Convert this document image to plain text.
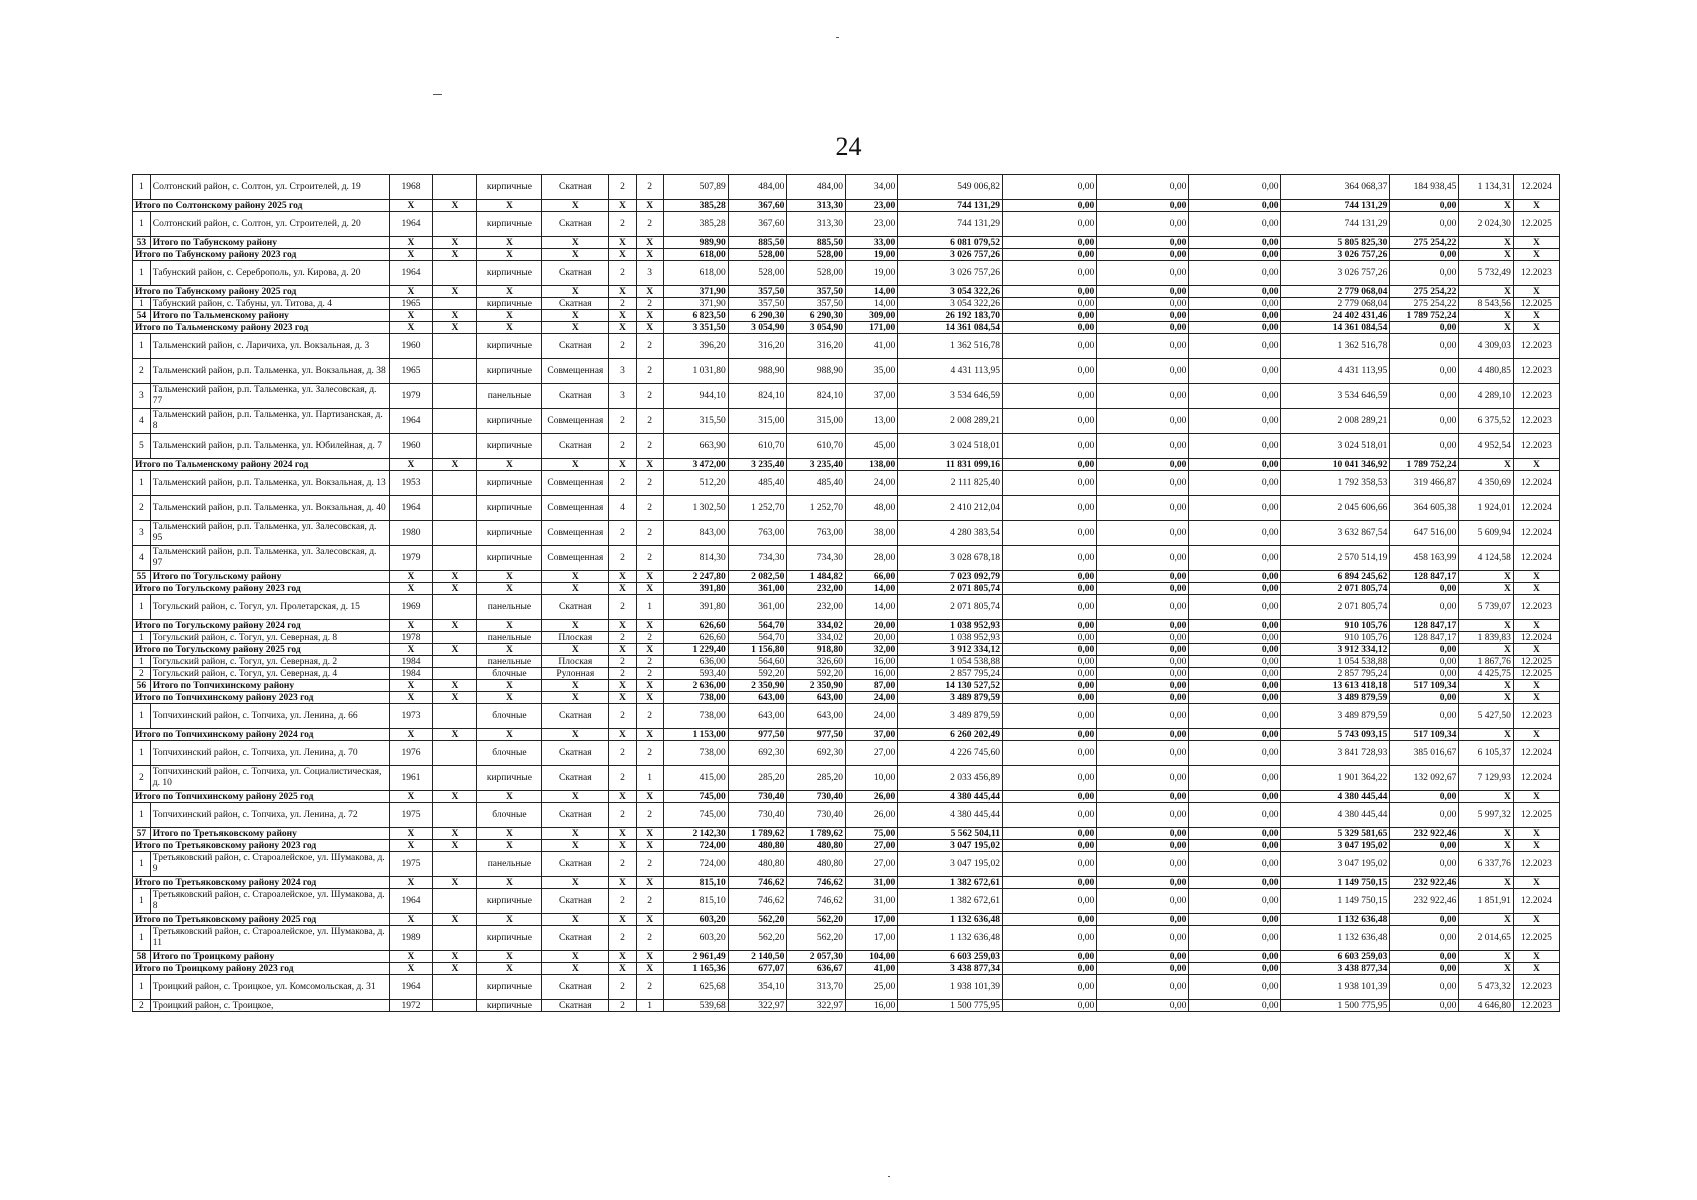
24
1	Солтонский район, с. Солтон, ул. Строителей, д. 19	1968		кирпичные	Скатная	2	2	507,89	484,00	484,00	34,00	549 006,82	0,00	0,00	0,00	364 068,37	184 938,45	1 134,31	12.2024
Итого по Солтонскому району 2025 год		X	X	X	X	X	X	385,28	367,60	313,30	23,00	744 131,29	0,00	0,00	0,00	744 131,29	0,00	X	X
1	Солтонский район, с. Солтон, ул. Строителей, д. 20	1964		кирпичные	Скатная	2	2	385,28	367,60	313,30	23,00	744 131,29	0,00	0,00	0,00	744 131,29	0,00	2 024,30	12.2025
53	Итого по Табунскому району	X	X	X	X	X	X	989,90	885,50	885,50	33,00	6 081 079,52	0,00	0,00	0,00	5 805 825,30	275 254,22	X	X
Итого по Табунскому району 2023 год		X	X	X	X	X	X	618,00	528,00	528,00	19,00	3 026 757,26	0,00	0,00	0,00	3 026 757,26	0,00	X	X
1	Табунский район, с. Сереброполь, ул. Кирова, д. 20	1964		кирпичные	Скатная	2	3	618,00	528,00	528,00	19,00	3 026 757,26	0,00	0,00	0,00	3 026 757,26	0,00	5 732,49	12.2023
Итого по Табунскому району 2025 год		X	X	X	X	X	X	371,90	357,50	357,50	14,00	3 054 322,26	0,00	0,00	0,00	2 779 068,04	275 254,22	X	X
1	Табунский район, с. Табуны, ул. Титова, д. 4	1965		кирпичные	Скатная	2	2	371,90	357,50	357,50	14,00	3 054 322,26	0,00	0,00	0,00	2 779 068,04	275 254,22	8 543,56	12.2025
54	Итого по Тальменскому району	X	X	X	X	X	X	6 823,50	6 290,30	6 290,30	309,00	26 192 183,70	0,00	0,00	0,00	24 402 431,46	1 789 752,24	X	X
Итого по Тальменскому району 2023 год		X	X	X	X	X	X	3 351,50	3 054,90	3 054,90	171,00	14 361 084,54	0,00	0,00	0,00	14 361 084,54	0,00	X	X
1	Тальменский район, с. Ларичиха, ул. Вокзальная, д. 3	1960		кирпичные	Скатная	2	2	396,20	316,20	316,20	41,00	1 362 516,78	0,00	0,00	0,00	1 362 516,78	0,00	4 309,03	12.2023
2	Тальменский район, р.п. Тальменка, ул. Вокзальная, д. 38	1965		кирпичные	Совмещенная	3	2	1 031,80	988,90	988,90	35,00	4 431 113,95	0,00	0,00	0,00	4 431 113,95	0,00	4 480,85	12.2023
3	Тальменский район, р.п. Тальменка, ул. Залесовская, д. 77	1979		панельные	Скатная	3	2	944,10	824,10	824,10	37,00	3 534 646,59	0,00	0,00	0,00	3 534 646,59	0,00	4 289,10	12.2023
4	Тальменский район, р.п. Тальменка, ул. Партизанская, д. 8	1964		кирпичные	Совмещенная	2	2	315,50	315,00	315,00	13,00	2 008 289,21	0,00	0,00	0,00	2 008 289,21	0,00	6 375,52	12.2023
5	Тальменский район, р.п. Тальменка, ул. Юбилейная, д. 7	1960		кирпичные	Скатная	2	2	663,90	610,70	610,70	45,00	3 024 518,01	0,00	0,00	0,00	3 024 518,01	0,00	4 952,54	12.2023
Итого по Тальменскому району 2024 год		X	X	X	X	X	X	3 472,00	3 235,40	3 235,40	138,00	11 831 099,16	0,00	0,00	0,00	10 041 346,92	1 789 752,24	X	X
1	Тальменский район, р.п. Тальменка, ул. Вокзальная, д. 13	1953		кирпичные	Совмещенная	2	2	512,20	485,40	485,40	24,00	2 111 825,40	0,00	0,00	0,00	1 792 358,53	319 466,87	4 350,69	12.2024
2	Тальменский район, р.п. Тальменка, ул. Вокзальная, д. 40	1964		кирпичные	Совмещенная	4	2	1 302,50	1 252,70	1 252,70	48,00	2 410 212,04	0,00	0,00	0,00	2 045 606,66	364 605,38	1 924,01	12.2024
3	Тальменский район, р.п. Тальменка, ул. Залесовская, д. 95	1980		кирпичные	Совмещенная	2	2	843,00	763,00	763,00	38,00	4 280 383,54	0,00	0,00	0,00	3 632 867,54	647 516,00	5 609,94	12.2024
4	Тальменский район, р.п. Тальменка, ул. Залесовская, д. 97	1979		кирпичные	Совмещенная	2	2	814,30	734,30	734,30	28,00	3 028 678,18	0,00	0,00	0,00	2 570 514,19	458 163,99	4 124,58	12.2024
55	Итого по Тогульскому району	X	X	X	X	X	X	2 247,80	2 082,50	1 484,82	66,00	7 023 092,79	0,00	0,00	0,00	6 894 245,62	128 847,17	X	X
Итого по Тогульскому району 2023 год		X	X	X	X	X	X	391,80	361,00	232,00	14,00	2 071 805,74	0,00	0,00	0,00	2 071 805,74	0,00	X	X
1	Тогульский район, с. Тогул, ул. Пролетарская, д. 15	1969		панельные	Скатная	2	1	391,80	361,00	232,00	14,00	2 071 805,74	0,00	0,00	0,00	2 071 805,74	0,00	5 739,07	12.2023
Итого по Тогульскому району 2024 год		X	X	X	X	X	X	626,60	564,70	334,02	20,00	1 038 952,93	0,00	0,00	0,00	910 105,76	128 847,17	X	X
1	Тогульский район, с. Тогул, ул. Северная, д. 8	1978		панельные	Плоская	2	2	626,60	564,70	334,02	20,00	1 038 952,93	0,00	0,00	0,00	910 105,76	128 847,17	1 839,83	12.2024
Итого по Тогульскому району 2025 год		X	X	X	X	X	X	1 229,40	1 156,80	918,80	32,00	3 912 334,12	0,00	0,00	0,00	3 912 334,12	0,00	X	X
1	Тогульский район, с. Тогул, ул. Северная, д. 2	1984		панельные	Плоская	2	2	636,00	564,60	326,60	16,00	1 054 538,88	0,00	0,00	0,00	1 054 538,88	0,00	1 867,76	12.2025
2	Тогульский район, с. Тогул, ул. Северная, д. 4	1984		блочные	Рулонная	2	2	593,40	592,20	592,20	16,00	2 857 795,24	0,00	0,00	0,00	2 857 795,24	0,00	4 425,75	12.2025
56	Итого по Топчихинскому району	X	X	X	X	X	X	2 636,00	2 350,90	2 350,90	87,00	14 130 527,52	0,00	0,00	0,00	13 613 418,18	517 109,34	X	X
Итого по Топчихинскому району 2023 год		X	X	X	X	X	X	738,00	643,00	643,00	24,00	3 489 879,59	0,00	0,00	0,00	3 489 879,59	0,00	X	X
1	Топчихинский район, с. Топчиха, ул. Ленина, д. 66	1973		блочные	Скатная	2	2	738,00	643,00	643,00	24,00	3 489 879,59	0,00	0,00	0,00	3 489 879,59	0,00	5 427,50	12.2023
Итого по Топчихинскому району 2024 год		X	X	X	X	X	X	1 153,00	977,50	977,50	37,00	6 260 202,49	0,00	0,00	0,00	5 743 093,15	517 109,34	X	X
1	Топчихинский район, с. Топчиха, ул. Ленина, д. 70	1976		блочные	Скатная	2	2	738,00	692,30	692,30	27,00	4 226 745,60	0,00	0,00	0,00	3 841 728,93	385 016,67	6 105,37	12.2024
2	Топчихинский район, с. Топчиха, ул. Социалистическая, д. 10	1961		кирпичные	Скатная	2	1	415,00	285,20	285,20	10,00	2 033 456,89	0,00	0,00	0,00	1 901 364,22	132 092,67	7 129,93	12.2024
Итого по Топчихинскому району 2025 год		X	X	X	X	X	X	745,00	730,40	730,40	26,00	4 380 445,44	0,00	0,00	0,00	4 380 445,44	0,00	X	X
1	Топчихинский район, с. Топчиха, ул. Ленина, д. 72	1975		блочные	Скатная	2	2	745,00	730,40	730,40	26,00	4 380 445,44	0,00	0,00	0,00	4 380 445,44	0,00	5 997,32	12.2025
57	Итого по Третьяковскому району	X	X	X	X	X	X	2 142,30	1 789,62	1 789,62	75,00	5 562 504,11	0,00	0,00	0,00	5 329 581,65	232 922,46	X	X
Итого по Третьяковскому району 2023 год		X	X	X	X	X	X	724,00	480,80	480,80	27,00	3 047 195,02	0,00	0,00	0,00	3 047 195,02	0,00	X	X
1	Третьяковский район, с. Староалейское, ул. Шумакова, д. 9	1975		панельные	Скатная	2	2	724,00	480,80	480,80	27,00	3 047 195,02	0,00	0,00	0,00	3 047 195,02	0,00	6 337,76	12.2023
Итого по Третьяковскому району 2024 год		X	X	X	X	X	X	815,10	746,62	746,62	31,00	1 382 672,61	0,00	0,00	0,00	1 149 750,15	232 922,46	X	X
1	Третьяковский район, с. Староалейское, ул. Шумакова, д. 8	1964		кирпичные	Скатная	2	2	815,10	746,62	746,62	31,00	1 382 672,61	0,00	0,00	0,00	1 149 750,15	232 922,46	1 851,91	12.2024
Итого по Третьяковскому району 2025 год		X	X	X	X	X	X	603,20	562,20	562,20	17,00	1 132 636,48	0,00	0,00	0,00	1 132 636,48	0,00	X	X
1	Третьяковский район, с. Староалейское, ул. Шумакова, д. 11	1989		кирпичные	Скатная	2	2	603,20	562,20	562,20	17,00	1 132 636,48	0,00	0,00	0,00	1 132 636,48	0,00	2 014,65	12.2025
58	Итого по Троицкому району	X	X	X	X	X	X	2 961,49	2 140,50	2 057,30	104,00	6 603 259,03	0,00	0,00	0,00	6 603 259,03	0,00	X	X
Итого по Троицкому району 2023 год		X	X	X	X	X	X	1 165,36	677,07	636,67	41,00	3 438 877,34	0,00	0,00	0,00	3 438 877,34	0,00	X	X
1	Троицкий район, с. Троицкое, ул. Комсомольская, д. 31	1964		кирпичные	Скатная	2	2	625,68	354,10	313,70	25,00	1 938 101,39	0,00	0,00	0,00	1 938 101,39	0,00	5 473,32	12.2023
2	Троицкий район, с. Троицкое,	1972		кирпичные	Скатная	2	1	539,68	322,97	322,97	16,00	1 500 775,95	0,00	0,00	0,00	1 500 775,95	0,00	4 646,80	12.2023
